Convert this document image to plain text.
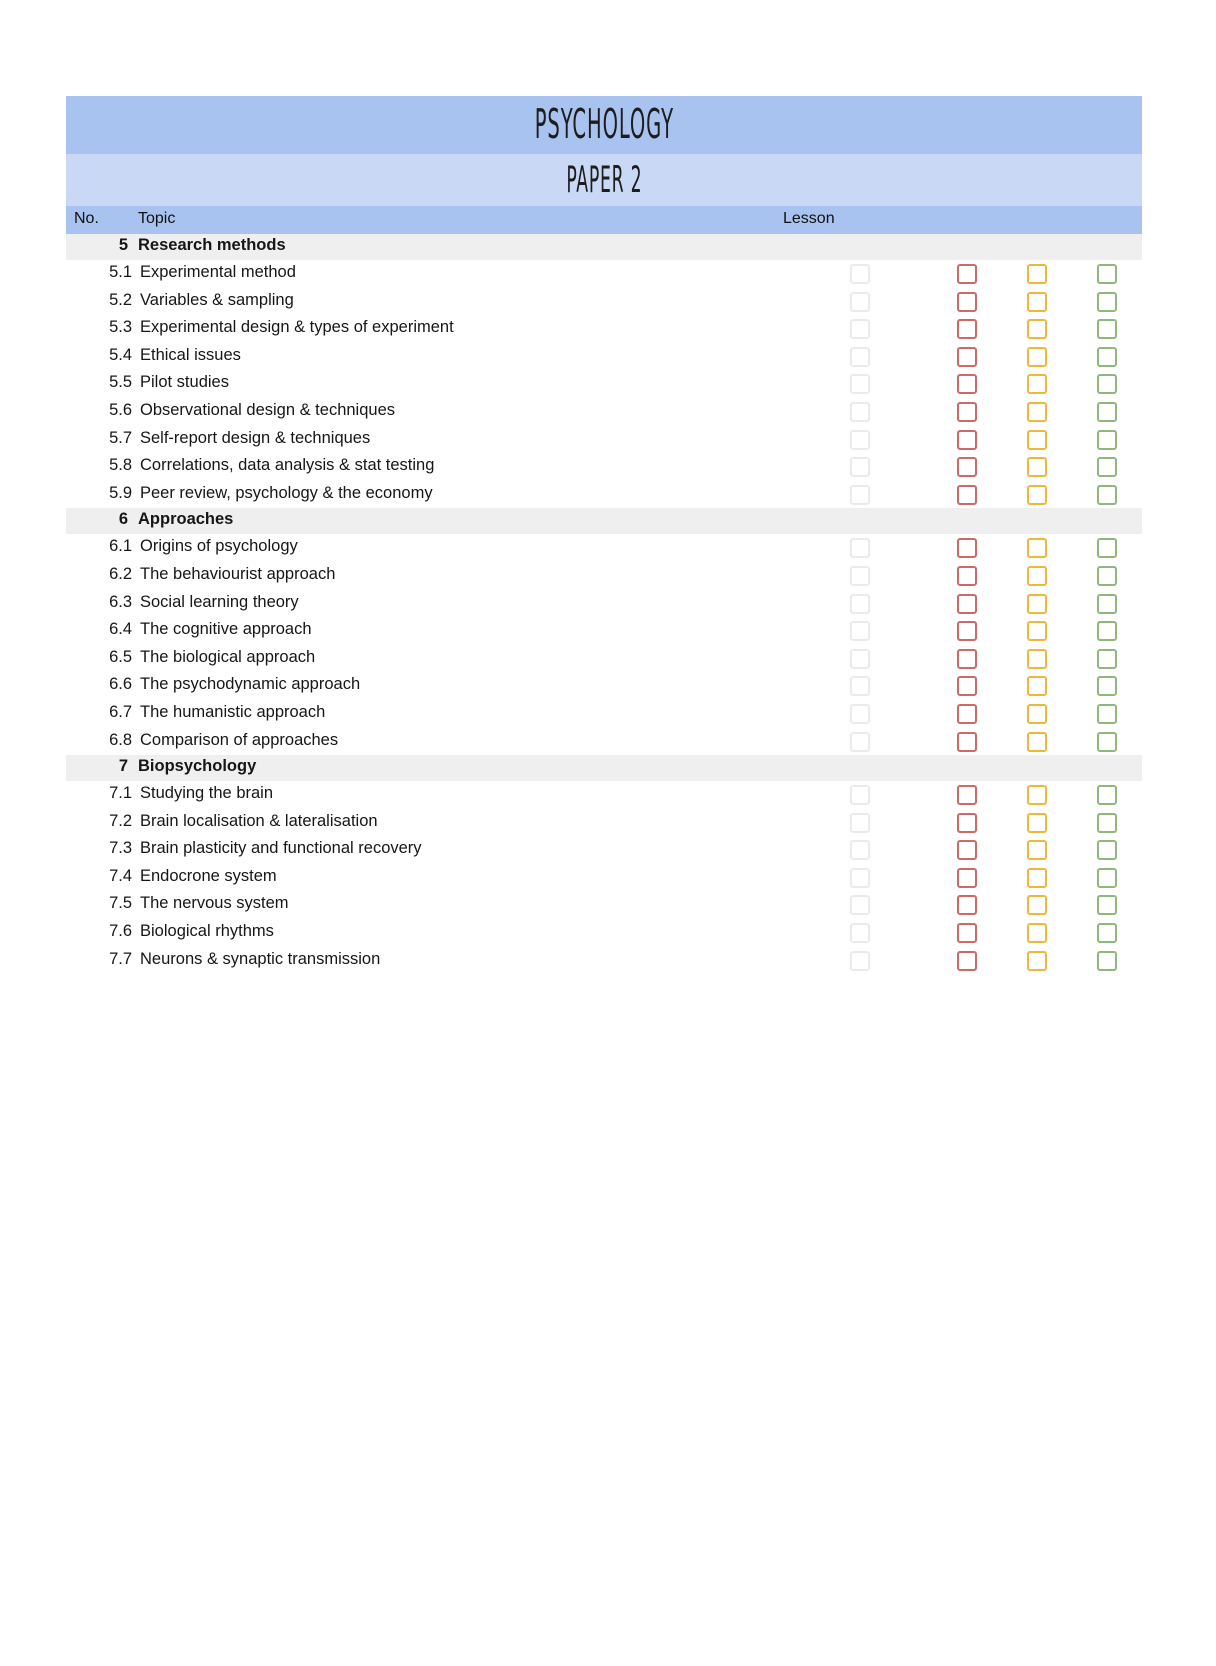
PSYCHOLOGY
PAPER 2
No. Topic	Lesson
5 Research methods
5.1 Experimental method
5.2 Variables & sampling
5.3 Experimental design & types of experiment
5.4 Ethical issues
5.5 Pilot studies
5.6 Observational design & techniques
5.7 Self-report design & techniques
5.8 Correlations, data analysis & stat testing
5.9 Peer review, psychology & the economy
6 Approaches
6.1 Origins of psychology
6.2 The behaviourist approach
6.3 Social learning theory
6.4 The cognitive approach
6.5 The biological approach
6.6 The psychodynamic approach
6.7 The humanistic approach
6.8 Comparison of approaches
7 Biopsychology
7.1 Studying the brain
7.2 Brain localisation & lateralisation
7.3 Brain plasticity and functional recovery
7.4 Endocrone system
7.5 The nervous system
7.6 Biological rhythms
7.7 Neurons & synaptic transmission
